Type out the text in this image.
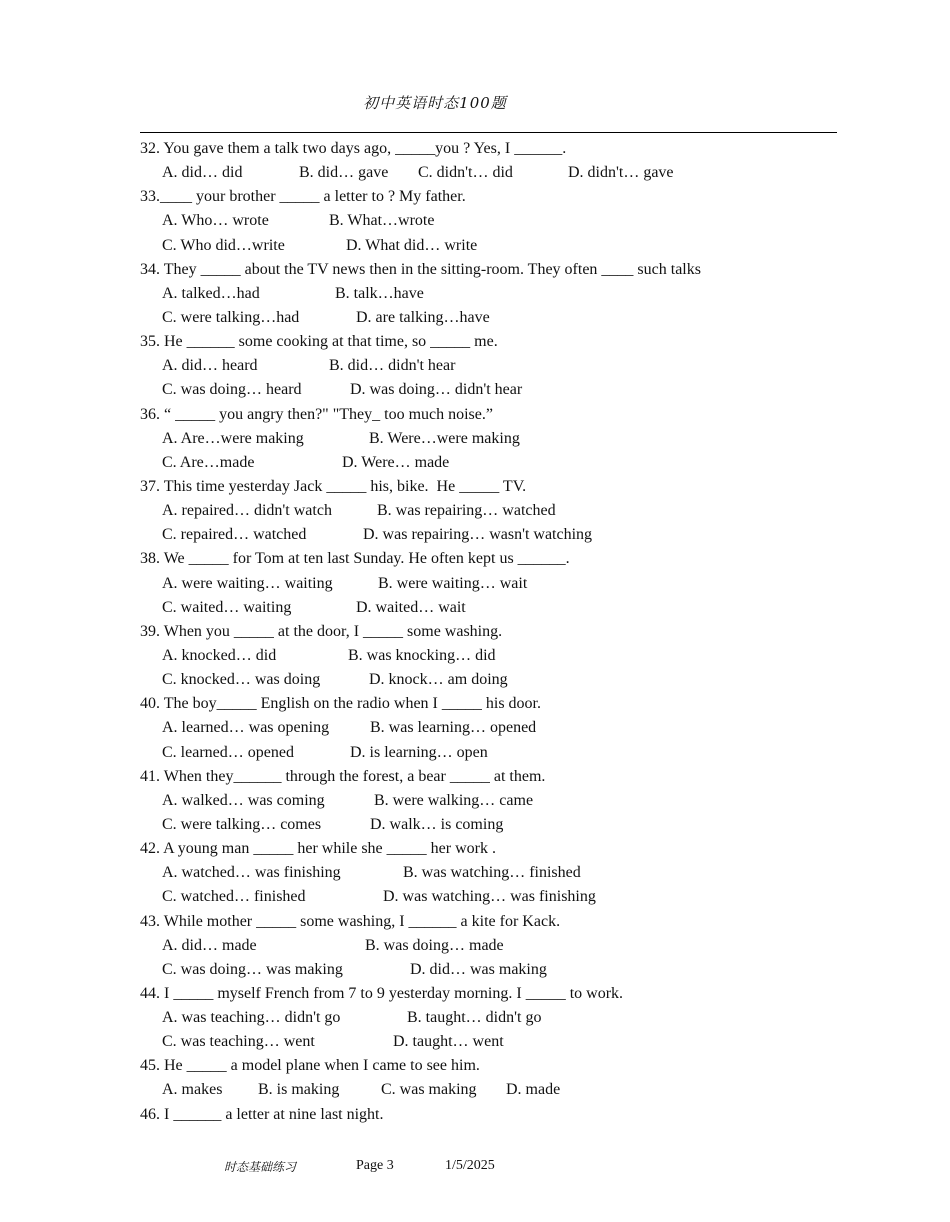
初中英语时态100题
32. You gave them a talk two days ago, _____you ? Yes, I ______.
A. did… did	B. did… gave C. didn't… did	D. didn't… gave
33.____ your brother _____ a letter to ? My father.
A. Who… wrote	B. What…wrote
C. Who did…write	D. What did… write
34. They _____ about the TV news then in the sitting-room. They often ____ such talks
A. talked…had	B. talk…have
C. were talking…had	D. are talking…have
35. He ______ some cooking at that time, so _____ me.
A. did… heard	B. did… didn't hear
C. was doing… heard	D. was doing… didn't hear
36. “ _____ you angry then?" "They_ too much noise.”
A. Are…were making	B. Were…were making
C. Are…made	D. Were… made
37. This time yesterday Jack _____ his, bike.  He _____ TV.
A. repaired… didn't watch	B. was repairing… watched
C. repaired… watched	D. was repairing… wasn't watching
38. We _____ for Tom at ten last Sunday. He often kept us ______.
A. were waiting… waiting	B. were waiting… wait
C. waited… waiting	D. waited… wait
39. When you _____ at the door, I _____ some washing.
A. knocked… did	B. was knocking… did
C. knocked… was doing	D. knock… am doing
40. The boy_____ English on the radio when I _____ his door.
A. learned… was opening	B. was learning… opened
C. learned… opened	D. is learning… open
41. When they______ through the forest, a bear _____ at them.
A. walked… was coming	B. were walking… came
C. were talking… comes	D. walk… is coming
42. A young man _____ her while she _____ her work .
A. watched… was finishing	B. was watching… finished
C. watched… finished	D. was watching… was finishing
43. While mother _____ some washing, I ______ a kite for Kack.
A. did… made	B. was doing… made
C. was doing… was making	D. did… was making
44. I _____ myself French from 7 to 9 yesterday morning. I _____ to work.
A. was teaching… didn't go	B. taught… didn't go
C. was teaching… went	D. taught… went
45. He _____ a model plane when I came to see him.
A. makes B. is making	C. was making D. made
46. I ______ a letter at nine last night.
时态基础练习	Page 3	1/5/2025
